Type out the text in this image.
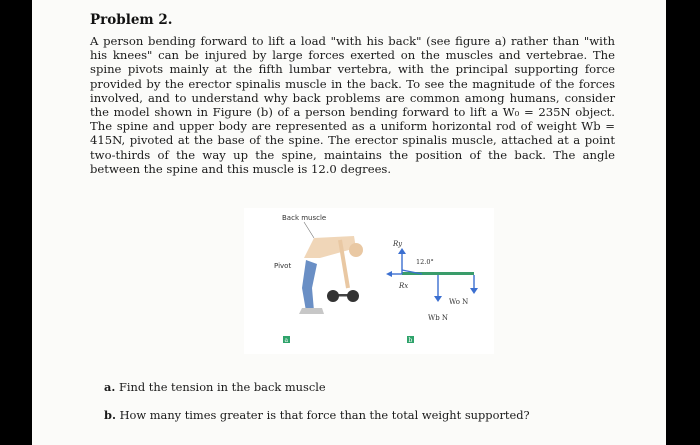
Problem 2.

A person bending forward to lift a load "with his back" (see figure a) rather than "with his knees" can be injured by large forces exerted on the muscles and vertebrae. The spine pivots mainly at the fifth lumbar vertebra, with the principal supporting force provided by the erector spinalis muscle in the back. To see the magnitude of the forces involved, and to understand why back problems are common among humans, consider the model shown in Figure (b) of a person bending forward to lift a W₀ = 235N object. The spine and upper body are represented as a uniform horizontal rod of weight Wb = 415N, pivoted at the base of the spine. The erector spinalis muscle, attached at a point two-thirds of the way up the spine, maintains the position of the back. The angle between the spine and this muscle is 12.0 degrees.

Back muscle
Pivot
Ry
12.0°
Rx
Wo N
Wb N
a	b
a. Find the tension in the back muscle
b. How many times greater is that force than the total weight supported?
